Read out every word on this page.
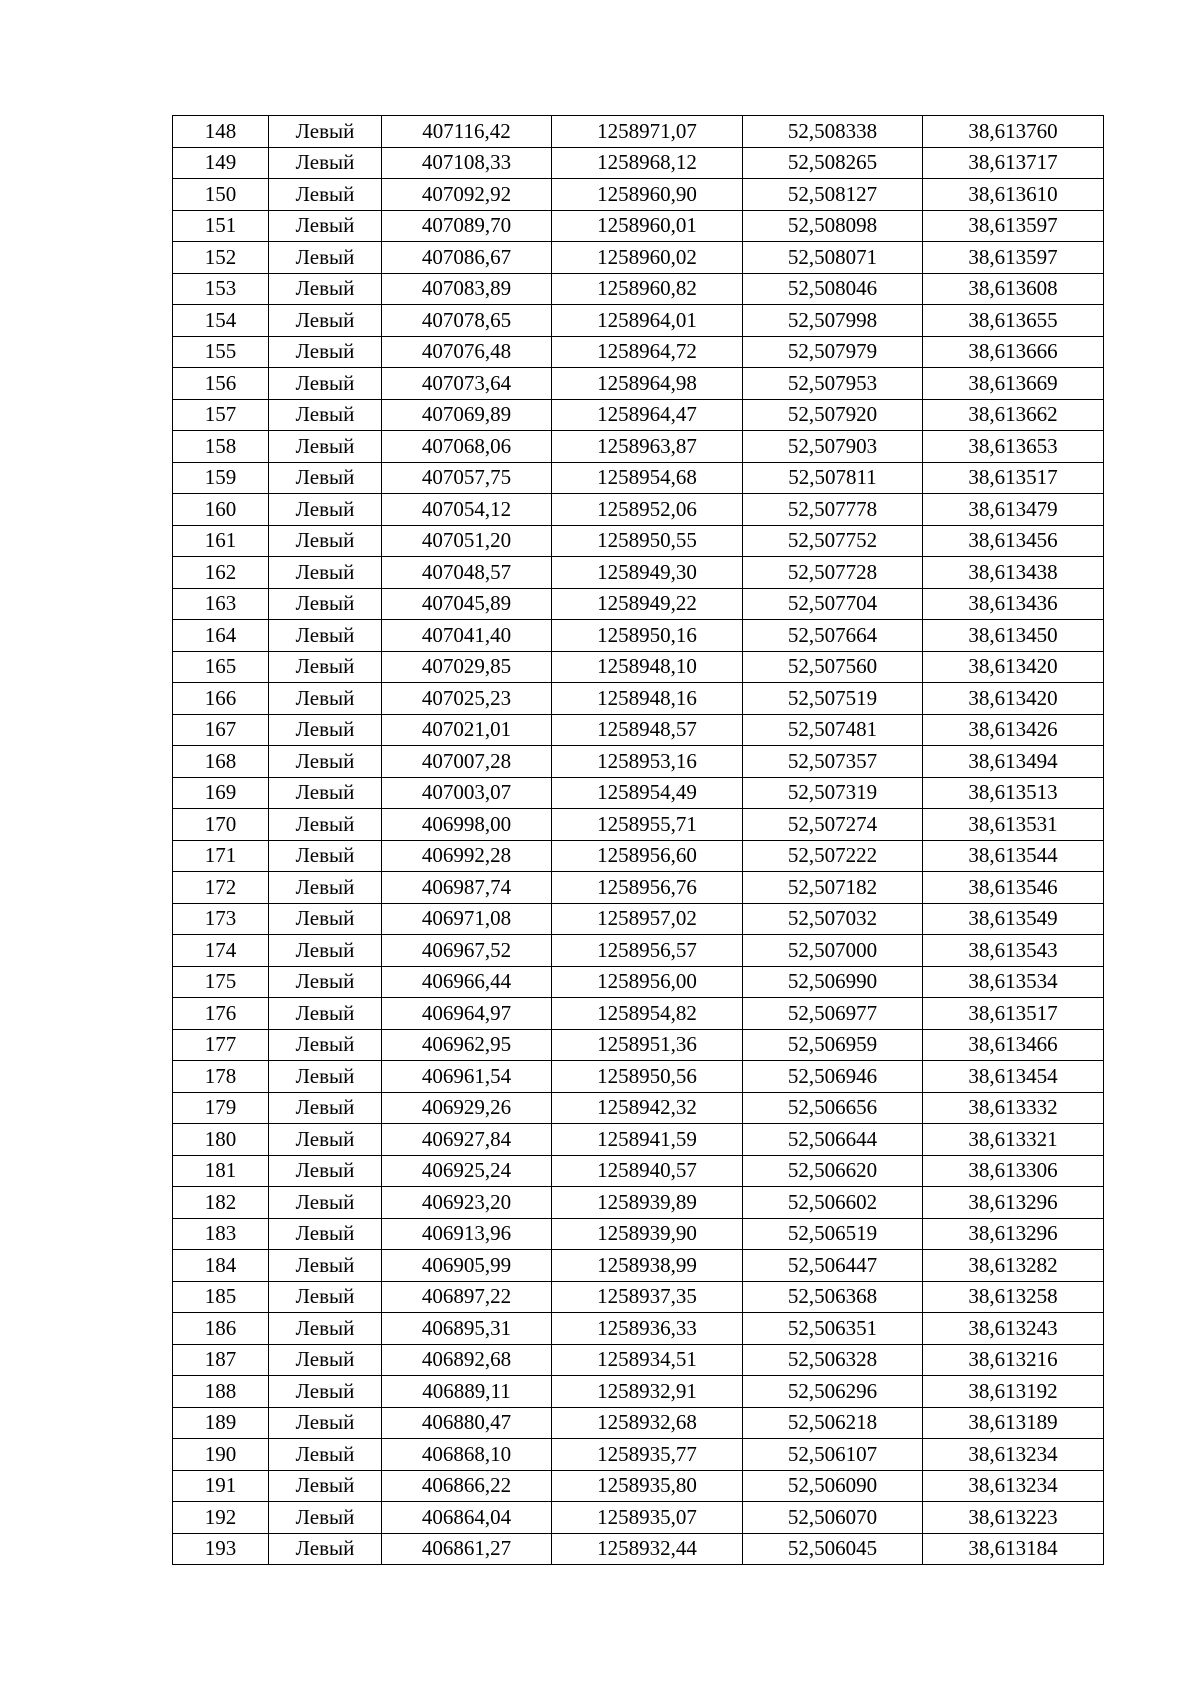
148	Левый	407116,42	1258971,07	52,508338	38,613760
149	Левый	407108,33	1258968,12	52,508265	38,613717
150	Левый	407092,92	1258960,90	52,508127	38,613610
151	Левый	407089,70	1258960,01	52,508098	38,613597
152	Левый	407086,67	1258960,02	52,508071	38,613597
153	Левый	407083,89	1258960,82	52,508046	38,613608
154	Левый	407078,65	1258964,01	52,507998	38,613655
155	Левый	407076,48	1258964,72	52,507979	38,613666
156	Левый	407073,64	1258964,98	52,507953	38,613669
157	Левый	407069,89	1258964,47	52,507920	38,613662
158	Левый	407068,06	1258963,87	52,507903	38,613653
159	Левый	407057,75	1258954,68	52,507811	38,613517
160	Левый	407054,12	1258952,06	52,507778	38,613479
161	Левый	407051,20	1258950,55	52,507752	38,613456
162	Левый	407048,57	1258949,30	52,507728	38,613438
163	Левый	407045,89	1258949,22	52,507704	38,613436
164	Левый	407041,40	1258950,16	52,507664	38,613450
165	Левый	407029,85	1258948,10	52,507560	38,613420
166	Левый	407025,23	1258948,16	52,507519	38,613420
167	Левый	407021,01	1258948,57	52,507481	38,613426
168	Левый	407007,28	1258953,16	52,507357	38,613494
169	Левый	407003,07	1258954,49	52,507319	38,613513
170	Левый	406998,00	1258955,71	52,507274	38,613531
171	Левый	406992,28	1258956,60	52,507222	38,613544
172	Левый	406987,74	1258956,76	52,507182	38,613546
173	Левый	406971,08	1258957,02	52,507032	38,613549
174	Левый	406967,52	1258956,57	52,507000	38,613543
175	Левый	406966,44	1258956,00	52,506990	38,613534
176	Левый	406964,97	1258954,82	52,506977	38,613517
177	Левый	406962,95	1258951,36	52,506959	38,613466
178	Левый	406961,54	1258950,56	52,506946	38,613454
179	Левый	406929,26	1258942,32	52,506656	38,613332
180	Левый	406927,84	1258941,59	52,506644	38,613321
181	Левый	406925,24	1258940,57	52,506620	38,613306
182	Левый	406923,20	1258939,89	52,506602	38,613296
183	Левый	406913,96	1258939,90	52,506519	38,613296
184	Левый	406905,99	1258938,99	52,506447	38,613282
185	Левый	406897,22	1258937,35	52,506368	38,613258
186	Левый	406895,31	1258936,33	52,506351	38,613243
187	Левый	406892,68	1258934,51	52,506328	38,613216
188	Левый	406889,11	1258932,91	52,506296	38,613192
189	Левый	406880,47	1258932,68	52,506218	38,613189
190	Левый	406868,10	1258935,77	52,506107	38,613234
191	Левый	406866,22	1258935,80	52,506090	38,613234
192	Левый	406864,04	1258935,07	52,506070	38,613223
193	Левый	406861,27	1258932,44	52,506045	38,613184
